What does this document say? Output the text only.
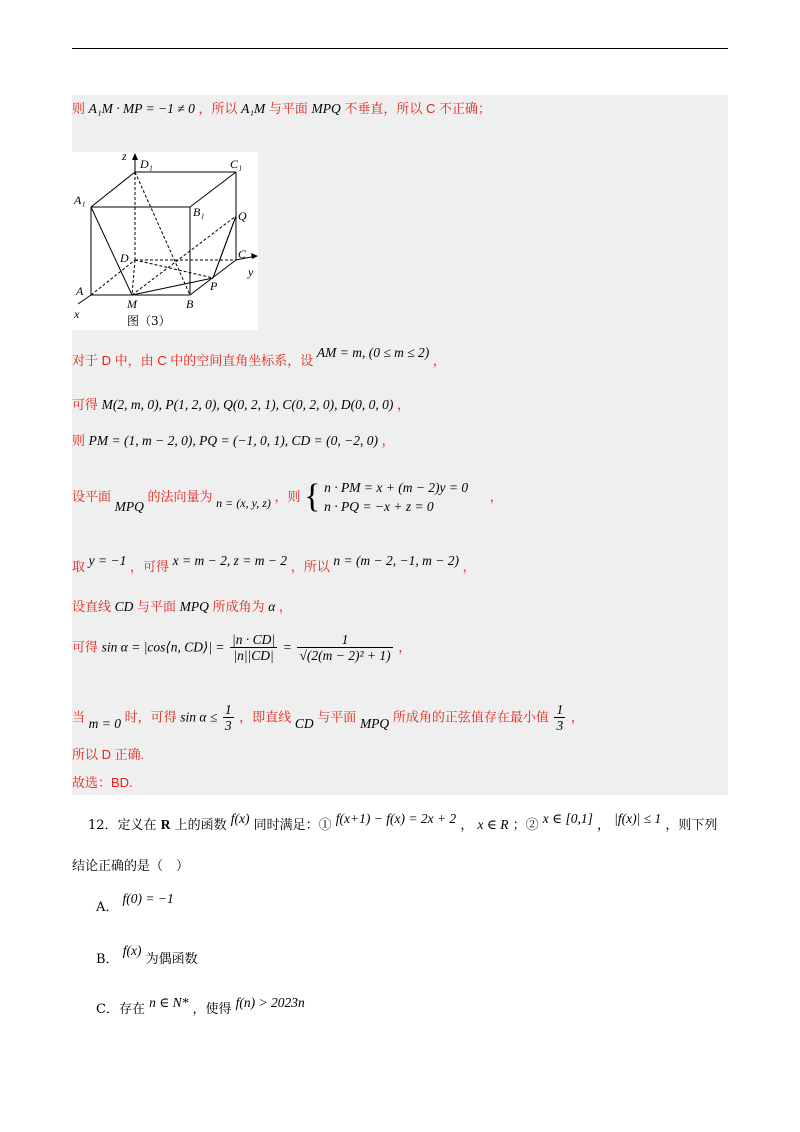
则 A₁M · MP = −1 ≠ 0 ，所以 A₁M 与平面 MPQ 不垂直，所以 C 不正确；
z
D₁	C₁
A₁
B₁	Q
C
y
D
A
M	B
P
x	图（3）
对于 D 中，由 C 中的空间直角坐标系，设 AM = m, (0 ≤ m ≤ 2) ，
可得 M(2, m, 0), P(1, 2, 0), Q(0, 2, 1), C(0, 2, 0), D(0, 0, 0) ，
则 PM = (1, m − 2, 0), PQ = (−1, 0, 1), CD = (0, −2, 0) ，
设平面 MPQ 的法向量为 n = (x, y, z) ，则 { n · PM = x + (m − 2)y = 0
n · PQ = −x + z = 0
，
取 y = −1 ，可得 x = m − 2, z = m − 2 ，所以 n = (m − 2, −1, m − 2) ，
设直线 CD 与平面 MPQ 所成角为 α ，
可得 sin α = |cos⟨n, CD⟩| = $\frac{|n \cdot CD|}{|n||CD|} = \frac{1}{\text{√(2(m − 2)² + 1)}}$ ，
当 m = 0 时，可得 $\sin \alpha \le \frac{1}{3}$ ，即直线 CD 与平面 MPQ 所成角的正弦值存在最小值 $\frac{1}{3}$ ，
所以 D 正确.
故选：BD.
12．定义在 R 上的函数 f(x) 同时满足：① f(x+1) − f(x) = 2x + 2 ， x ∈ R ；② x ∈ [0,1] ， |f(x)| ≤ 1 ，则下列
结论正确的是（　）
A． f(0) = −1
B． f(x) 为偶函数
C．存在 n ∈ N* ，使得 f(n) > 2023n
